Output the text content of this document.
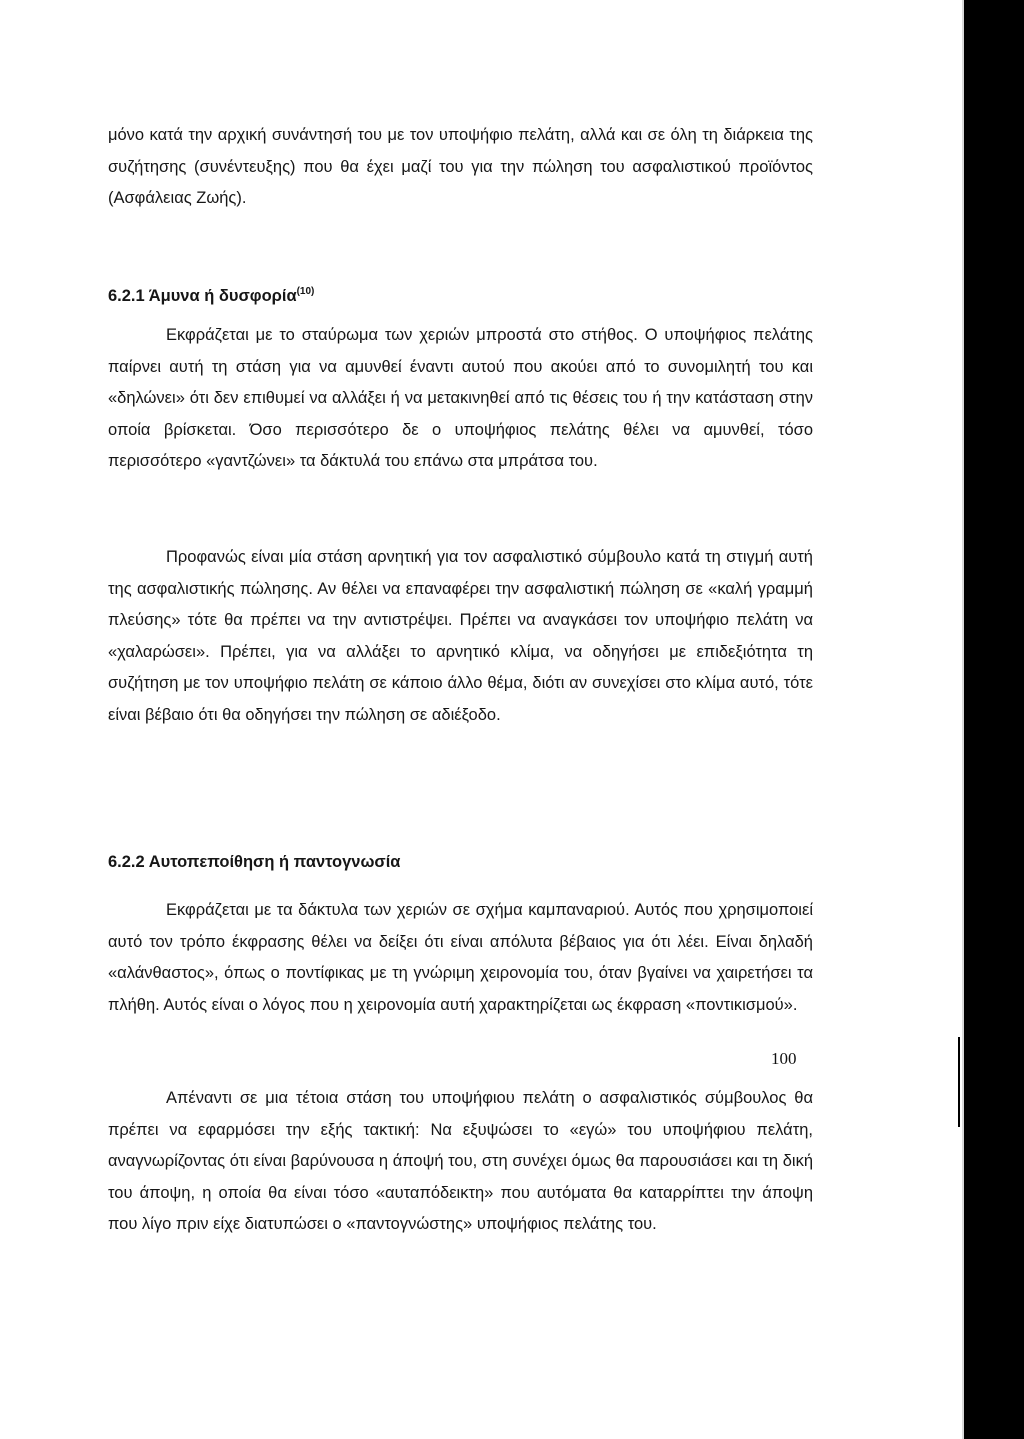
μόνο κατά την αρχική συνάντησή του με τον υποψήφιο πελάτη, αλλά και σε όλη τη διάρκεια της συζήτησης (συνέντευξης) που θα έχει μαζί του για την πώληση του ασφαλιστικού προϊόντος (Ασφάλειας Ζωής).

6.2.1 Άμυνα ή δυσφορία$^{(10)}$

Εκφράζεται με το σταύρωμα των χεριών μπροστά στο στήθος. Ο υποψήφιος πελάτης παίρνει αυτή τη στάση για να αμυνθεί έναντι αυτού που ακούει από το συνομιλητή του και «δηλώνει» ότι δεν επιθυμεί να αλλάξει ή να μετακινηθεί από τις θέσεις του ή την κατάσταση στην οποία βρίσκεται. Όσο περισσότερο δε ο υποψήφιος πελάτης θέλει να αμυνθεί, τόσο περισσότερο «γαντζώνει» τα δάκτυλά του επάνω στα μπράτσα του.

Προφανώς είναι μία στάση αρνητική για τον ασφαλιστικό σύμβουλο κατά τη στιγμή αυτή της ασφαλιστικής πώλησης. Αν θέλει να επαναφέρει την ασφαλιστική πώληση σε «καλή γραμμή πλεύσης» τότε θα πρέπει να την αντιστρέψει. Πρέπει να αναγκάσει τον υποψήφιο πελάτη να «χαλαρώσει». Πρέπει, για να αλλάξει το αρνητικό κλίμα, να οδηγήσει με επιδεξιότητα τη συζήτηση με τον υποψήφιο πελάτη σε κάποιο άλλο θέμα, διότι αν συνεχίσει στο κλίμα αυτό, τότε είναι βέβαιο ότι θα οδηγήσει την πώληση σε αδιέξοδο.

6.2.2 Αυτοπεποίθηση ή παντογνωσία

Εκφράζεται με τα δάκτυλα των χεριών σε σχήμα καμπαναριού. Αυτός που χρησιμοποιεί αυτό τον τρόπο έκφρασης θέλει να δείξει ότι είναι απόλυτα βέβαιος για ότι λέει. Είναι δηλαδή «αλάνθαστος», όπως ο ποντίφικας με τη γνώριμη χειρονομία του, όταν βγαίνει να χαιρετήσει τα πλήθη. Αυτός είναι ο λόγος που η χειρονομία αυτή χαρακτηρίζεται ως έκφραση «ποντικισμού».

Απέναντι σε μια τέτοια στάση του υποψήφιου πελάτη ο ασφαλιστικός σύμβουλος θα πρέπει να εφαρμόσει την εξής τακτική: Να εξυψώσει το «εγώ» του υποψήφιου πελάτη, αναγνωρίζοντας ότι είναι βαρύνουσα η άποψή του, στη συνέχει όμως θα παρουσιάσει και τη δική του άποψη, η οποία θα είναι τόσο «αυταπόδεικτη» που αυτόματα θα καταρρίπτει την άποψη που λίγο πριν είχε διατυπώσει ο «παντογνώστης» υποψήφιος πελάτης του.

100
